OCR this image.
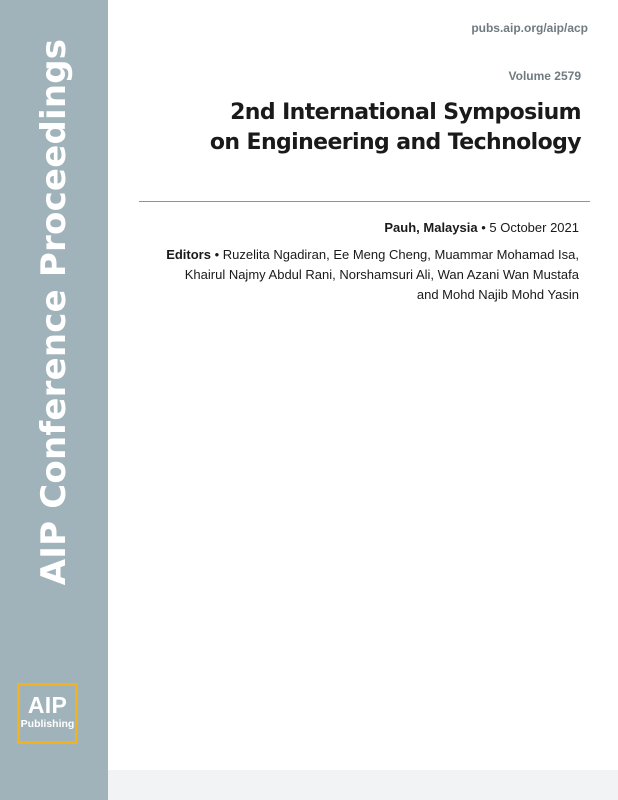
AIP Conference Proceedings
AIP
Publishing
pubs.aip.org/aip/acp
Volume 2579
2nd International Symposium
on Engineering and Technology
Pauh, Malaysia • 5 October 2021
Editors • Ruzelita Ngadiran, Ee Meng Cheng, Muammar Mohamad Isa,
Khairul Najmy Abdul Rani, Norshamsuri Ali, Wan Azani Wan Mustafa
and Mohd Najib Mohd Yasin
